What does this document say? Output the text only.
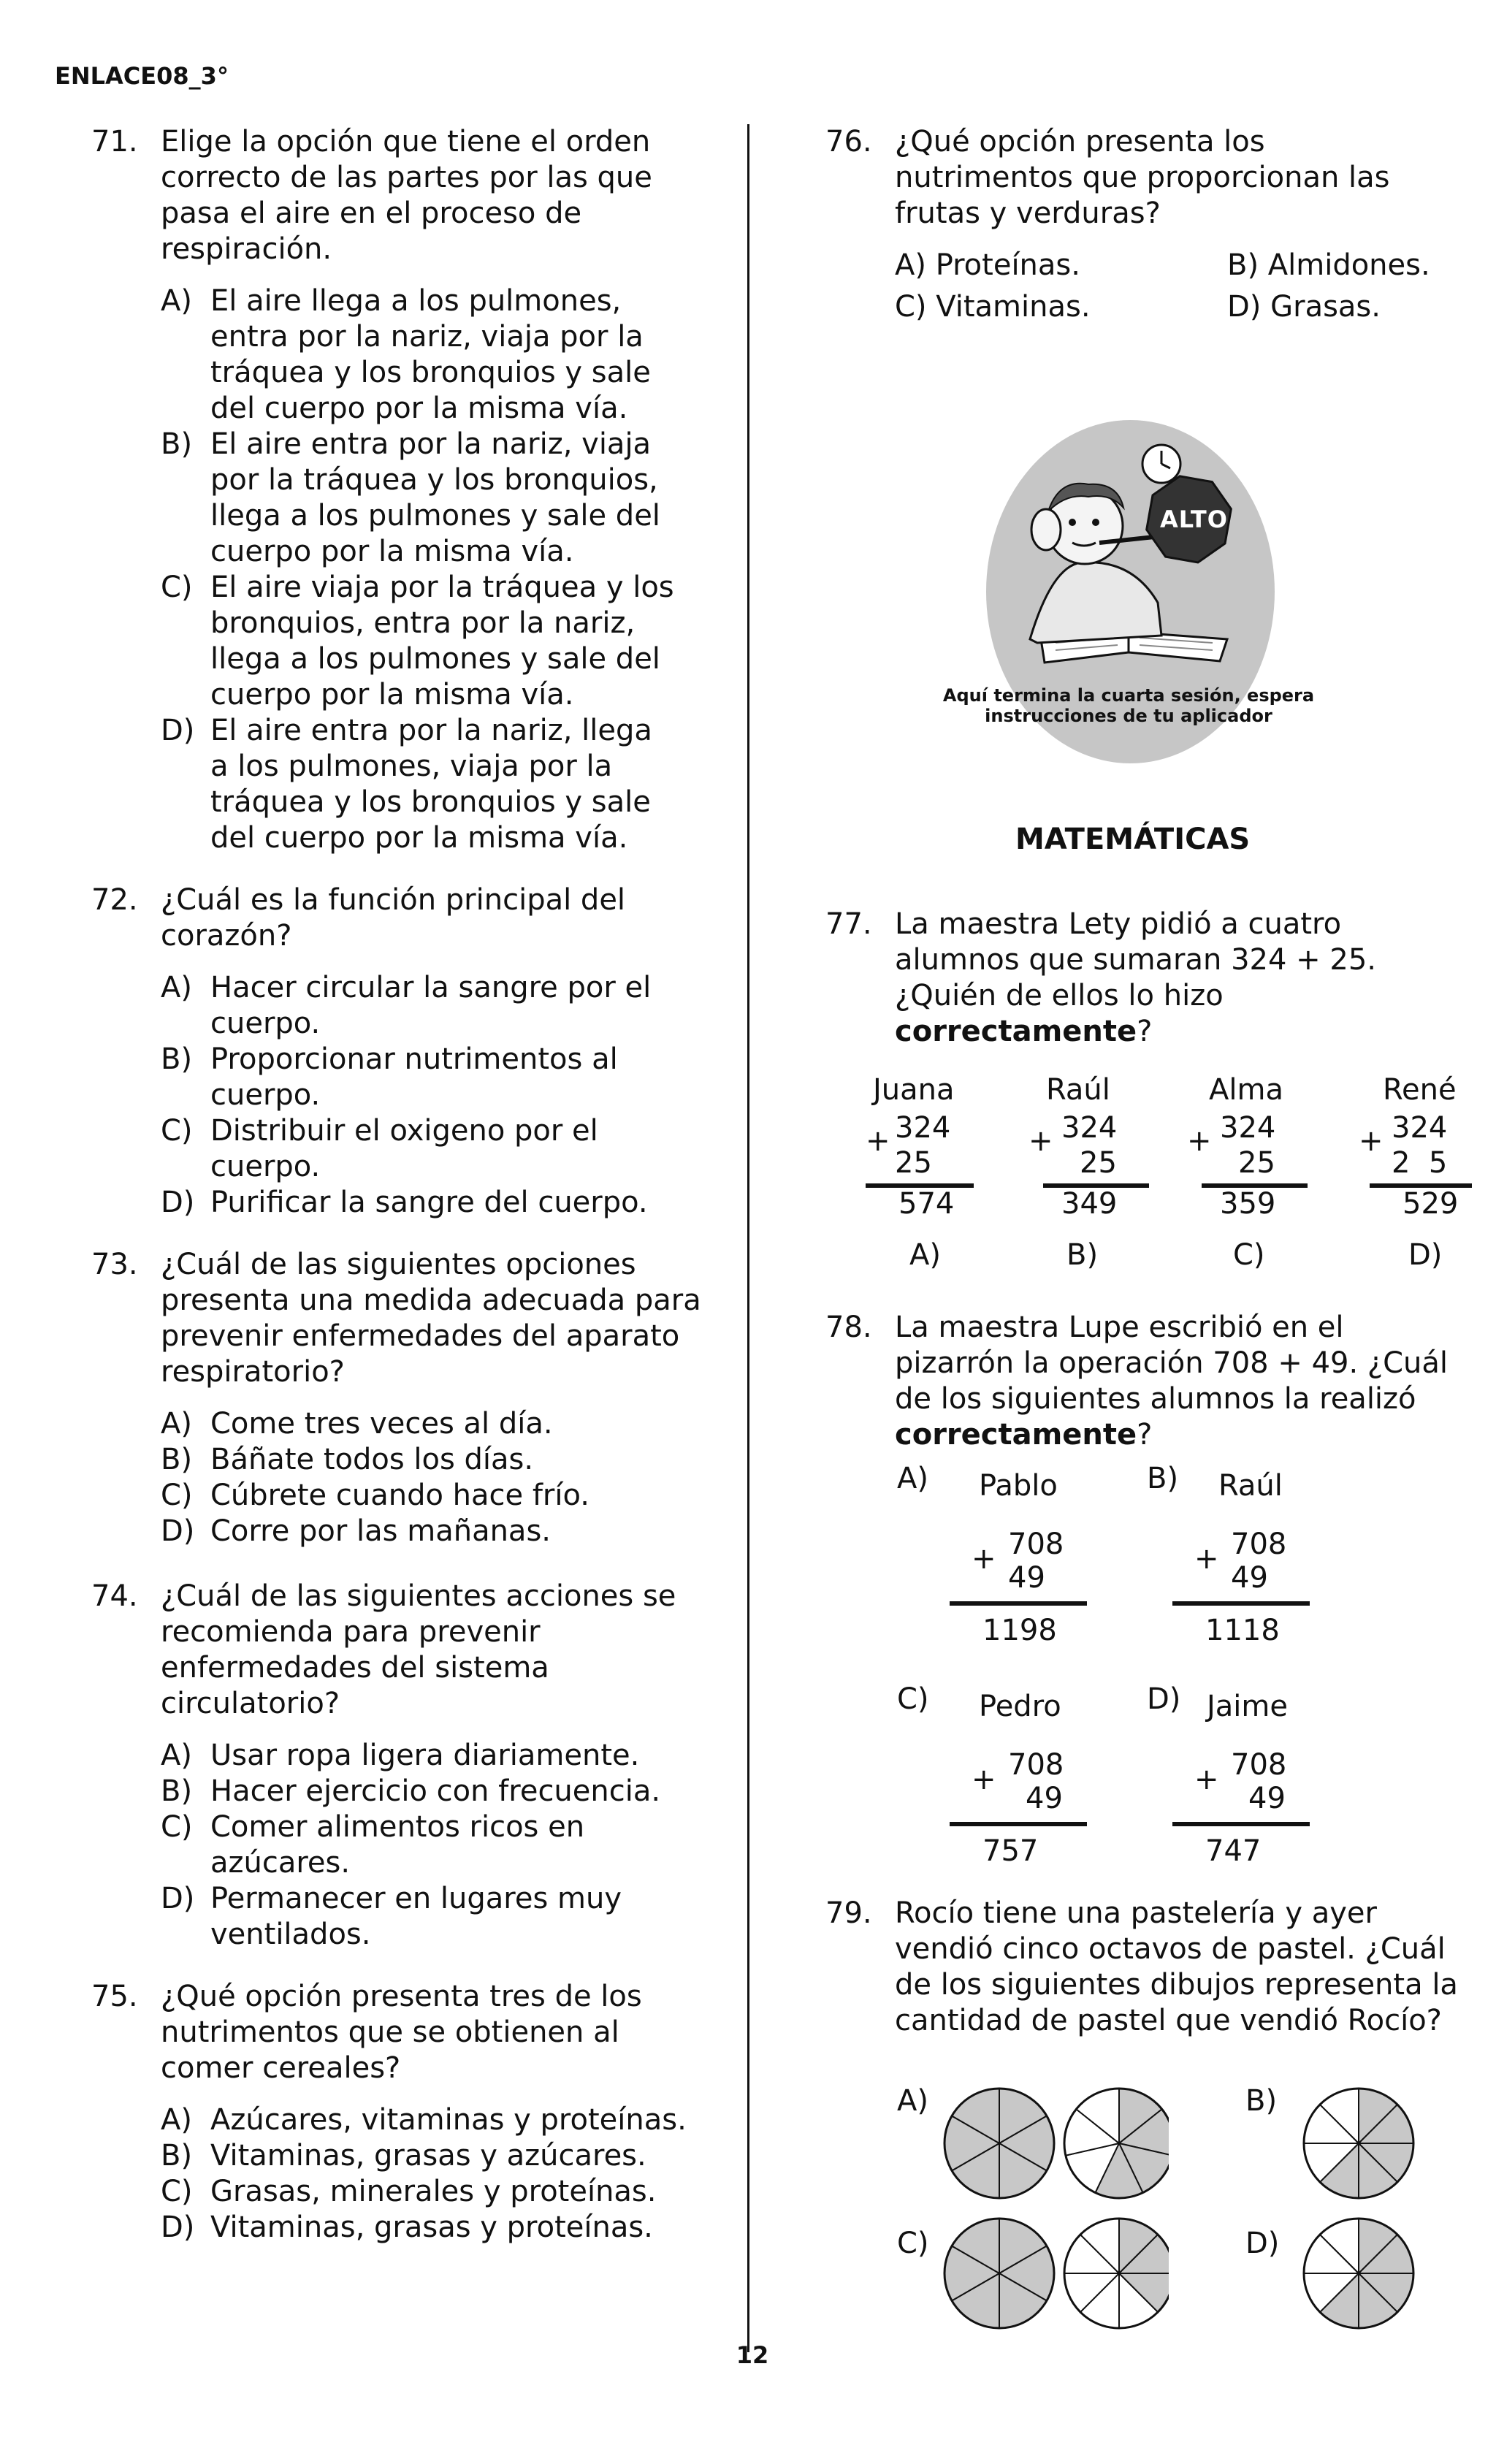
ENLACE08_3°
71. Elige la opción que tiene el orden correcto de las partes por las que pasa el aire en el proceso de respiración.
A) El aire llega a los pulmones, entra por la nariz, viaja por la tráquea y los bronquios y sale del cuerpo por la misma vía.
B) El aire entra por la nariz, viaja por la tráquea y los bronquios, llega a los pulmones y sale del cuerpo por la misma vía.
C) El aire viaja por la tráquea y los bronquios, entra por la nariz, llega a los pulmones y sale del cuerpo por la misma vía.
D) El aire entra por la nariz, llega a los pulmones, viaja por la tráquea y los bronquios y sale del cuerpo por la misma vía.
72. ¿Cuál es la función principal del corazón?
A) Hacer circular la sangre por el cuerpo.
B) Proporcionar nutrimentos al cuerpo.
C) Distribuir el oxigeno por el cuerpo.
D) Purificar la sangre del cuerpo.
73. ¿Cuál de las siguientes opciones presenta una medida adecuada para prevenir enfermedades del aparato respiratorio?
A) Come tres veces al día.
B) Báñate todos los días.
C) Cúbrete cuando hace frío.
D) Corre por las mañanas.
74. ¿Cuál de las siguientes acciones se recomienda para prevenir enfermedades del sistema circulatorio?
A) Usar ropa ligera diariamente.
B) Hacer ejercicio con frecuencia.
C) Comer alimentos ricos en azúcares.
D) Permanecer en lugares muy ventilados.
75. ¿Qué opción presenta tres de los nutrimentos que se obtienen al comer cereales?
A) Azúcares, vitaminas y proteínas.
B) Vitaminas, grasas y azúcares.
C) Grasas, minerales y proteínas.
D) Vitaminas, grasas y proteínas.
76. ¿Qué opción presenta los nutrimentos que proporcionan las frutas y verduras?
A) Proteínas.	B) Almidones.
C) Vitaminas.	D) Grasas.
ALTO
Aquí termina la cuarta sesión, espera
instrucciones de tu aplicador
MATEMÁTICAS
77. La maestra Lety pidió a cuatro alumnos que sumaran 324 + 25. ¿Quién de ellos lo hizo correctamente?
Juana
+ 324
25
574
A)
Raúl
+ 324
25
349
B)
Alma
+ 324
25
359
C)
René
+ 324
2  5
529
D)
78. La maestra Lupe escribió en el pizarrón la operación 708 + 49. ¿Cuál de los siguientes alumnos la realizó correctamente?
A) Pablo
+ 708
49
1198
B) Raúl
+ 708
49
1118
C) Pedro
+ 708
49
757
D) Jaime
+ 708
49
747
79. Rocío tiene una pastelería y ayer vendió cinco octavos de pastel. ¿Cuál de los siguientes dibujos representa la cantidad de pastel que vendió Rocío?
A)	B)
C)	D)
12
